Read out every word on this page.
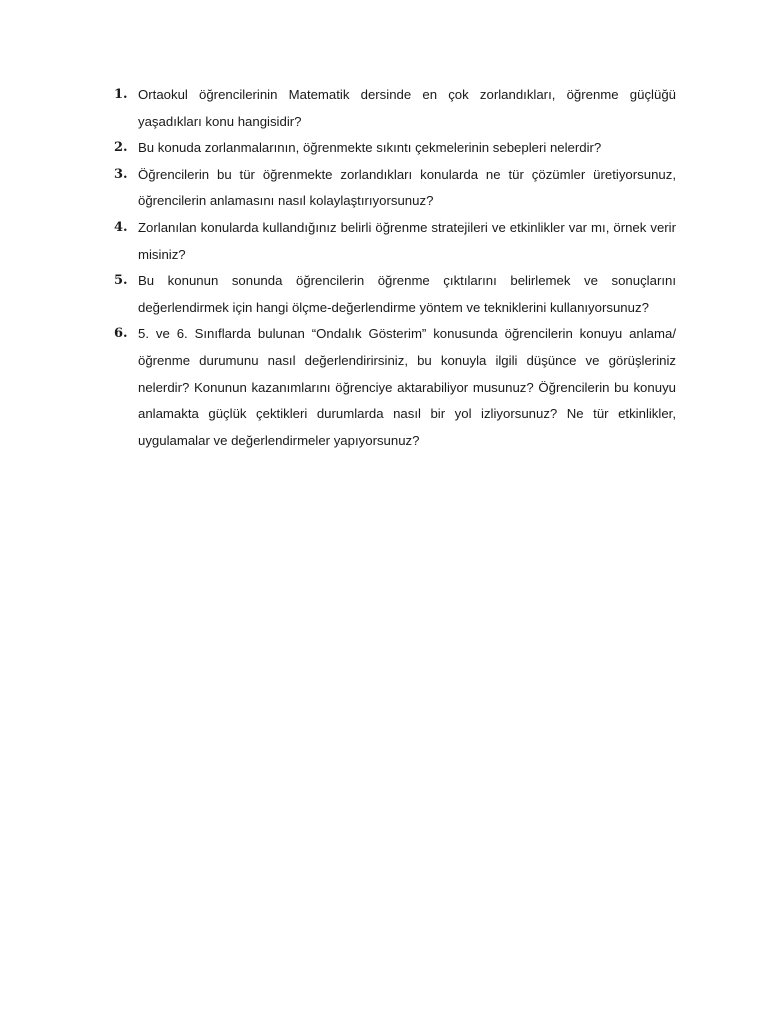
1. Ortaokul öğrencilerinin Matematik dersinde en çok zorlandıkları, öğrenme güçlüğü yaşadıkları konu hangisidir?
2. Bu konuda zorlanmalarının, öğrenmekte sıkıntı çekmelerinin sebepleri nelerdir?
3. Öğrencilerin bu tür öğrenmekte zorlandıkları konularda ne tür çözümler üretiyorsunuz, öğrencilerin anlamasını nasıl kolaylaştırıyorsunuz?
4. Zorlanılan konularda kullandığınız belirli öğrenme stratejileri ve etkinlikler var mı, örnek verir misiniz?
5. Bu konunun sonunda öğrencilerin öğrenme çıktılarını belirlemek ve sonuçlarını değerlendirmek için hangi ölçme-değerlendirme yöntem ve tekniklerini kullanıyorsunuz?
6. 5. ve 6. Sınıflarda bulunan “Ondalık Gösterim” konusunda öğrencilerin konuyu anlama/öğrenme durumunu nasıl değerlendirirsiniz, bu konuyla ilgili düşünce ve görüşleriniz nelerdir? Konunun kazanımlarını öğrenciye aktarabiliyor musunuz? Öğrencilerin bu konuyu anlamakta güçlük çektikleri durumlarda nasıl bir yol izliyorsunuz? Ne tür etkinlikler, uygulamalar ve değerlendirmeler yapıyorsunuz?
